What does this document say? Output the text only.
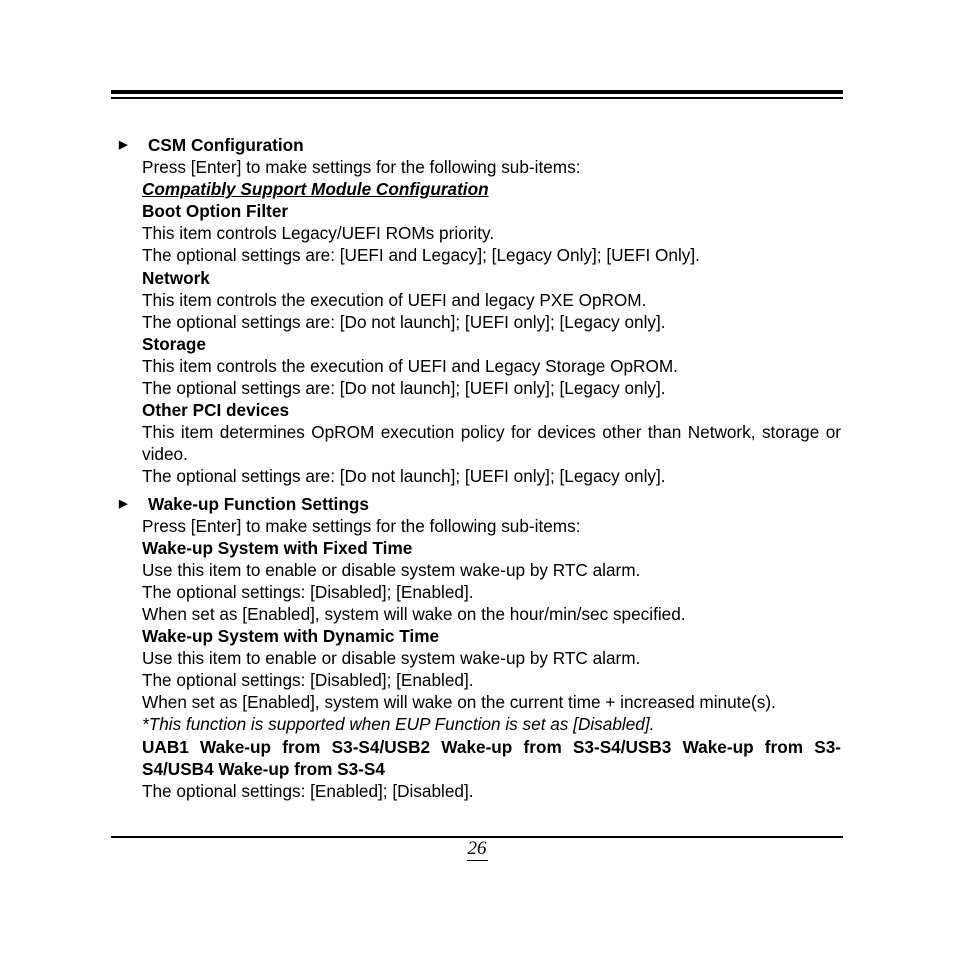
▶ CSM Configuration

Press [Enter] to make settings for the following sub-items:

Compatibly Support Module Configuration

Boot Option Filter

This item controls Legacy/UEFI ROMs priority.

The optional settings are: [UEFI and Legacy]; [Legacy Only]; [UEFI Only].

Network

This item controls the execution of UEFI and legacy PXE OpROM.

The optional settings are: [Do not launch]; [UEFI only]; [Legacy only].

Storage

This item controls the execution of UEFI and Legacy Storage OpROM.

The optional settings are: [Do not launch]; [UEFI only]; [Legacy only].

Other PCI devices

This item determines OpROM execution policy for devices other than Network, storage or video.

The optional settings are: [Do not launch]; [UEFI only]; [Legacy only].

▶ Wake-up Function Settings

Press [Enter] to make settings for the following sub-items:

Wake-up System with Fixed Time

Use this item to enable or disable system wake-up by RTC alarm.

The optional settings: [Disabled]; [Enabled].

When set as [Enabled], system will wake on the hour/min/sec specified.

Wake-up System with Dynamic Time

Use this item to enable or disable system wake-up by RTC alarm.

The optional settings: [Disabled]; [Enabled].

When set as [Enabled], system will wake on the current time + increased minute(s).

*This function is supported when EUP Function is set as [Disabled].

UAB1 Wake-up from S3-S4/USB2 Wake-up from S3-S4/USB3 Wake-up from S3-S4/USB4 Wake-up from S3-S4

The optional settings: [Enabled]; [Disabled].

26
